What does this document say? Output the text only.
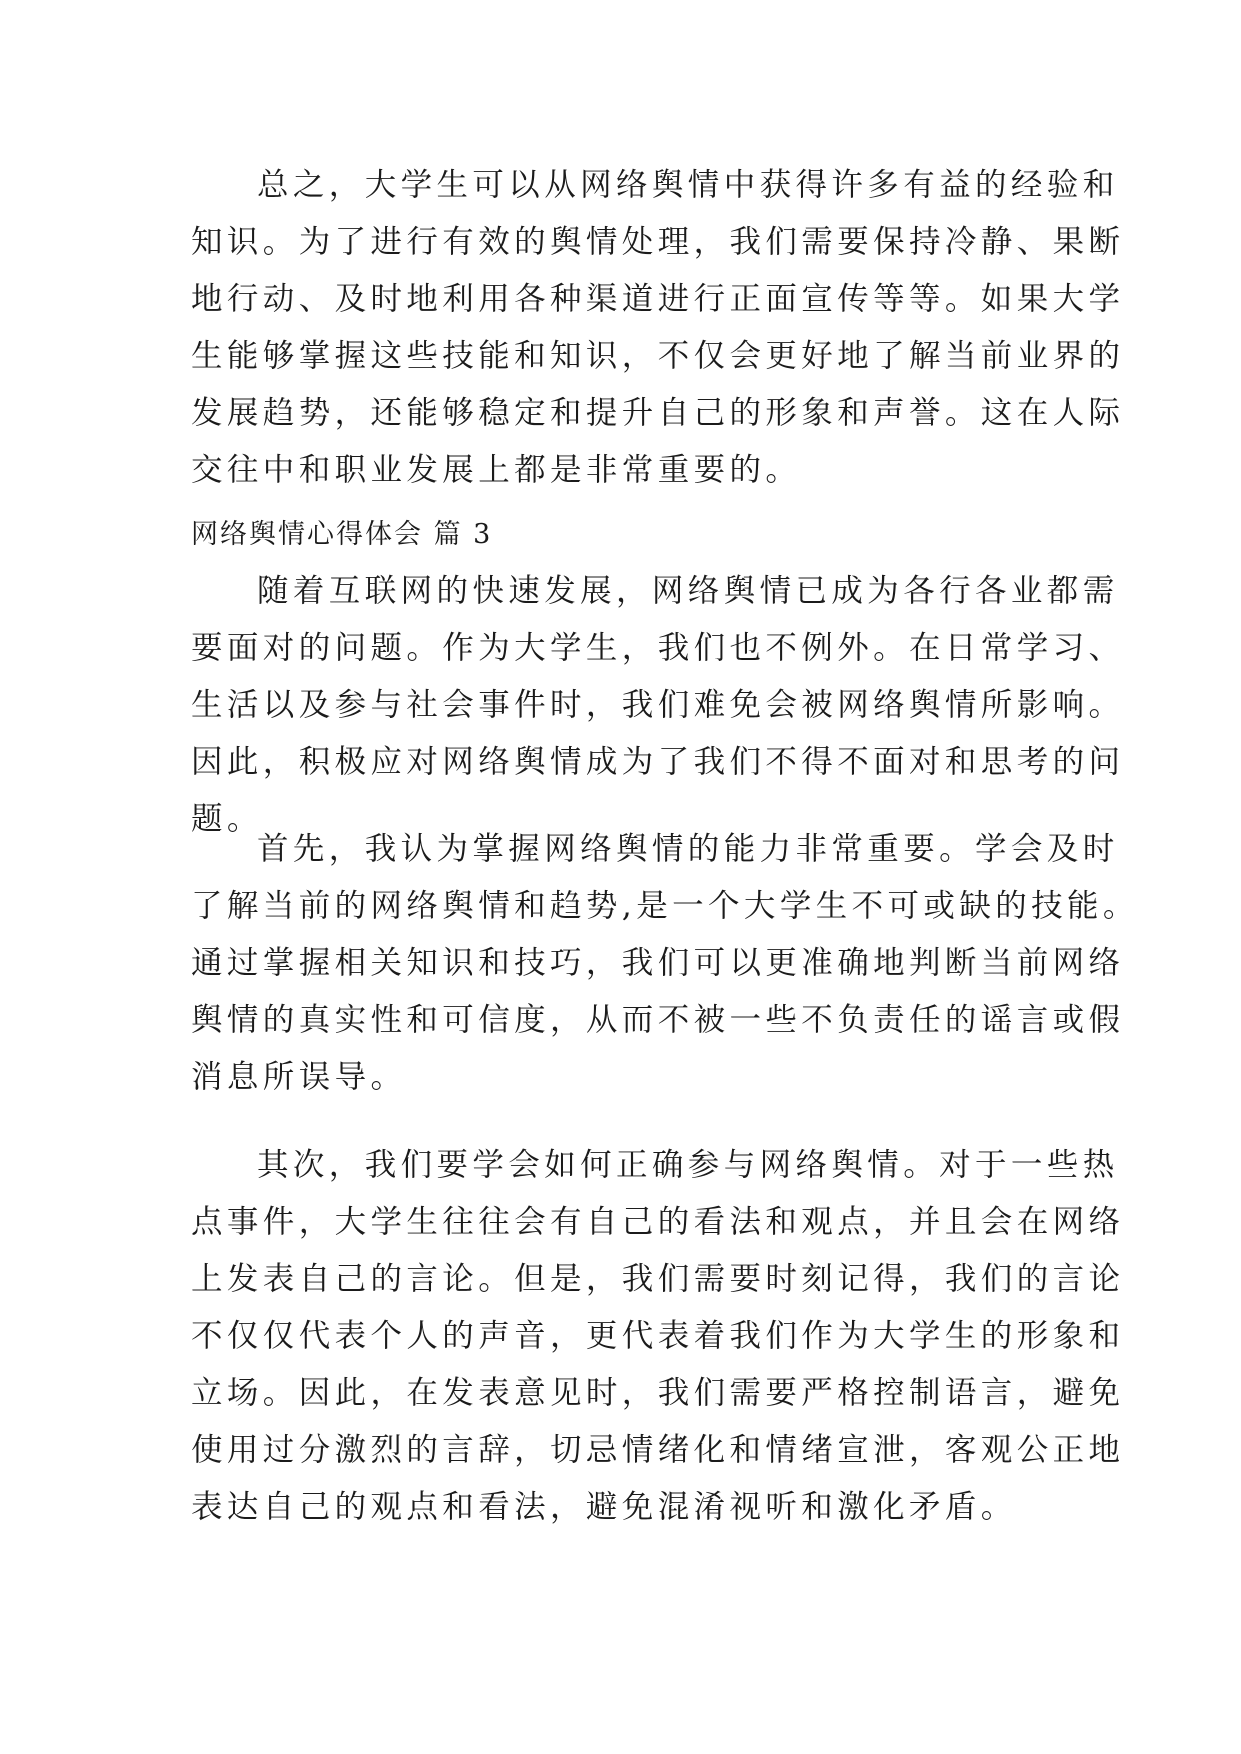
总之，大学生可以从网络舆情中获得许多有益的经验和
知识。为了进行有效的舆情处理，我们需要保持冷静、果断
地行动、及时地利用各种渠道进行正面宣传等等。如果大学
生能够掌握这些技能和知识，不仅会更好地了解当前业界的
发展趋势，还能够稳定和提升自己的形象和声誉。这在人际
交往中和职业发展上都是非常重要的。
网络舆情心得体会 篇 3
随着互联网的快速发展，网络舆情已成为各行各业都需
要面对的问题。作为大学生，我们也不例外。在日常学习、
生活以及参与社会事件时，我们难免会被网络舆情所影响。
因此，积极应对网络舆情成为了我们不得不面对和思考的问
题。
首先，我认为掌握网络舆情的能力非常重要。学会及时
了解当前的网络舆情和趋势,是一个大学生不可或缺的技能。
通过掌握相关知识和技巧，我们可以更准确地判断当前网络
舆情的真实性和可信度，从而不被一些不负责任的谣言或假
消息所误导。
其次，我们要学会如何正确参与网络舆情。对于一些热
点事件，大学生往往会有自己的看法和观点，并且会在网络
上发表自己的言论。但是，我们需要时刻记得，我们的言论
不仅仅代表个人的声音，更代表着我们作为大学生的形象和
立场。因此，在发表意见时，我们需要严格控制语言，避免
使用过分激烈的言辞，切忌情绪化和情绪宣泄，客观公正地
表达自己的观点和看法，避免混淆视听和激化矛盾。
